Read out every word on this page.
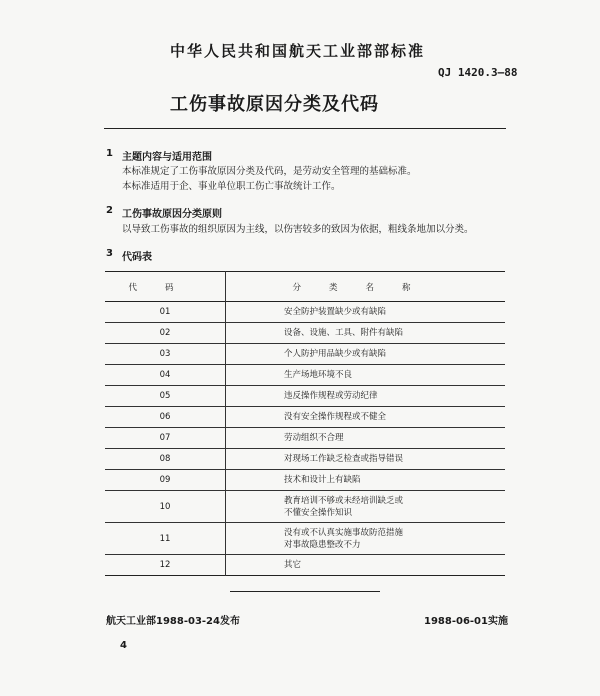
中华人民共和国航天工业部部标准
QJ 1420.3—88
工伤事故原因分类及代码
1 主题内容与适用范围
本标准规定了工伤事故原因分类及代码，是劳动安全管理的基础标准。
本标准适用于企、事业单位职工伤亡事故统计工作。
2 工伤事故原因分类原则
以导致工伤事故的组织原因为主线，以伤害较多的致因为依据，粗线条地加以分类。
3 代码表
代码	分类名称
01	安全防护装置缺少或有缺陷

02	设备、设施、工具、附件有缺陷

03	个人防护用品缺少或有缺陷

04	生产场地环境不良

05	违反操作规程或劳动纪律

06	没有安全操作规程或不健全

07	劳动组织不合理

08	对现场工作缺乏检查或指导错误

09	技术和设计上有缺陷

10	教育培训不够或未经培训缺乏或
不懂安全操作知识

11	没有或不认真实施事故防范措施
对事故隐患整改不力

12	其它
航天工业部1988-03-24发布	1988-06-01实施
4
